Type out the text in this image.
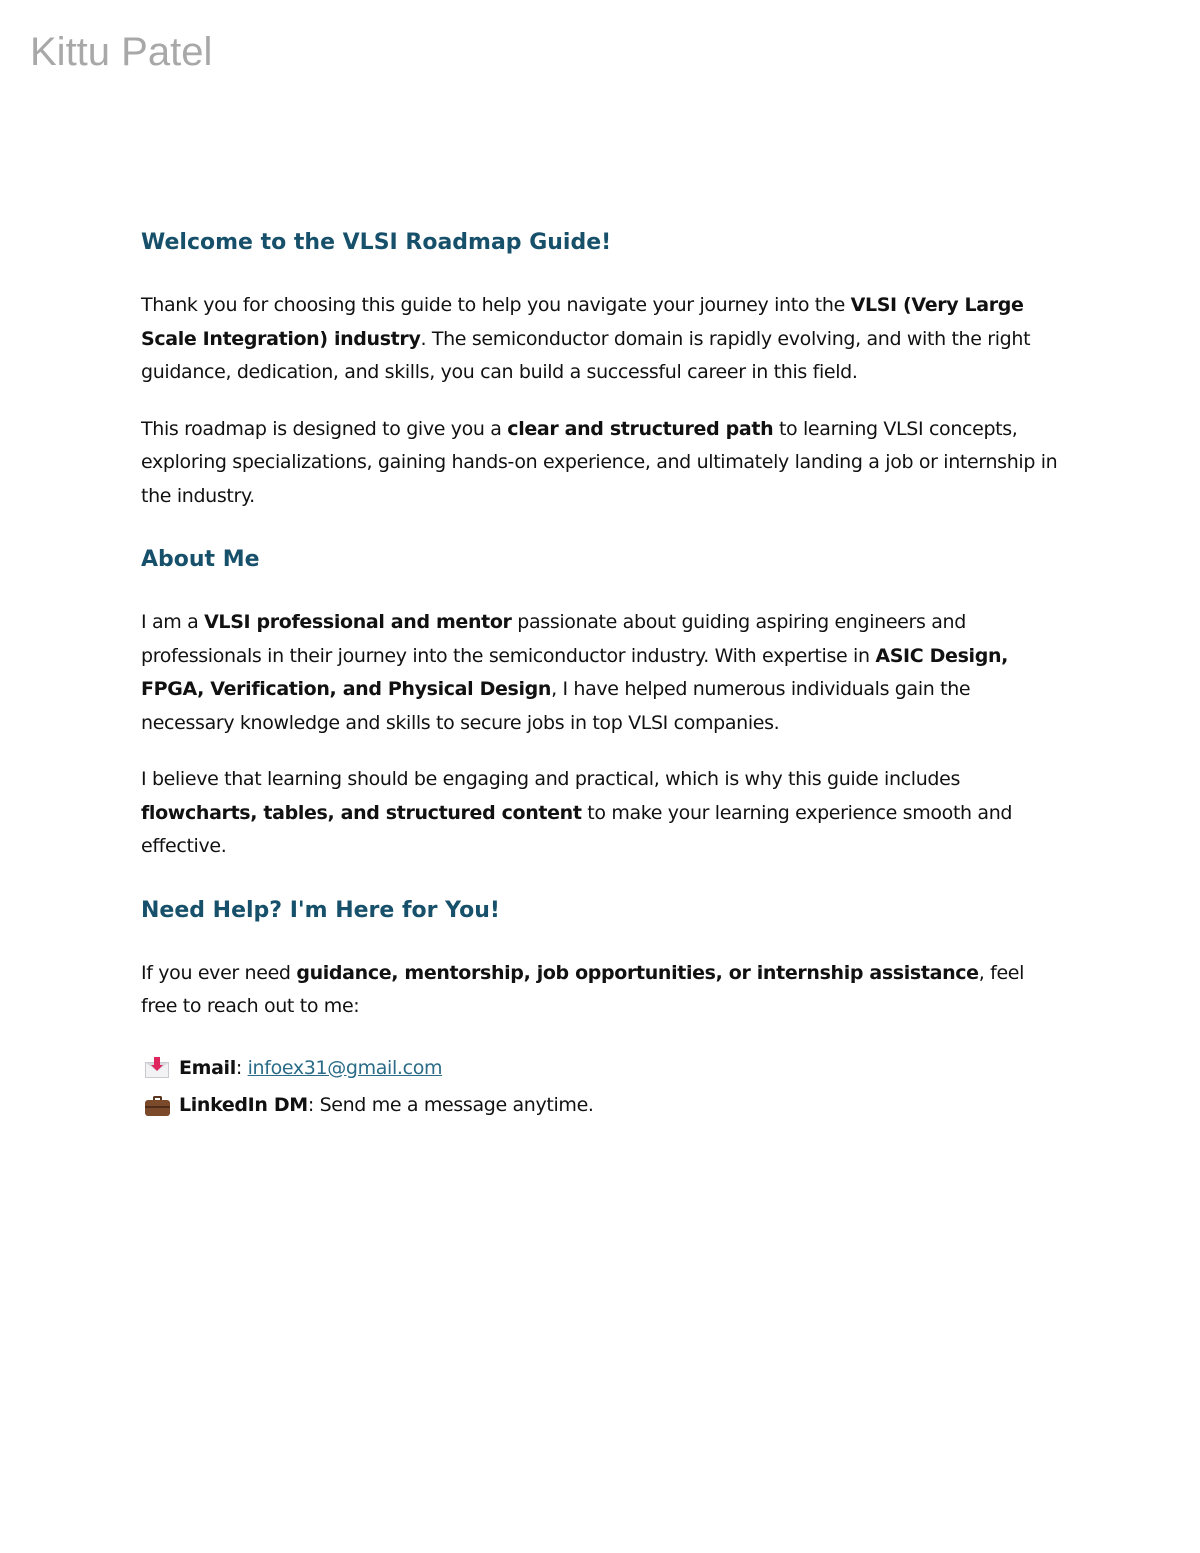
Kittu Patel
Welcome to the VLSI Roadmap Guide!

Thank you for choosing this guide to help you navigate your journey into the VLSI (Very Large Scale Integration) industry. The semiconductor domain is rapidly evolving, and with the right guidance, dedication, and skills, you can build a successful career in this field.

This roadmap is designed to give you a clear and structured path to learning VLSI concepts, exploring specializations, gaining hands-on experience, and ultimately landing a job or internship in the industry.

About Me

I am a VLSI professional and mentor passionate about guiding aspiring engineers and professionals in their journey into the semiconductor industry. With expertise in ASIC Design, FPGA, Verification, and Physical Design, I have helped numerous individuals gain the necessary knowledge and skills to secure jobs in top VLSI companies.

I believe that learning should be engaging and practical, which is why this guide includes flowcharts, tables, and structured content to make your learning experience smooth and effective.

Need Help? I'm Here for You!

If you ever need guidance, mentorship, job opportunities, or internship assistance, feel free to reach out to me:

Email : infoex31@gmail.com
LinkedIn DM : Send me a message anytime.
